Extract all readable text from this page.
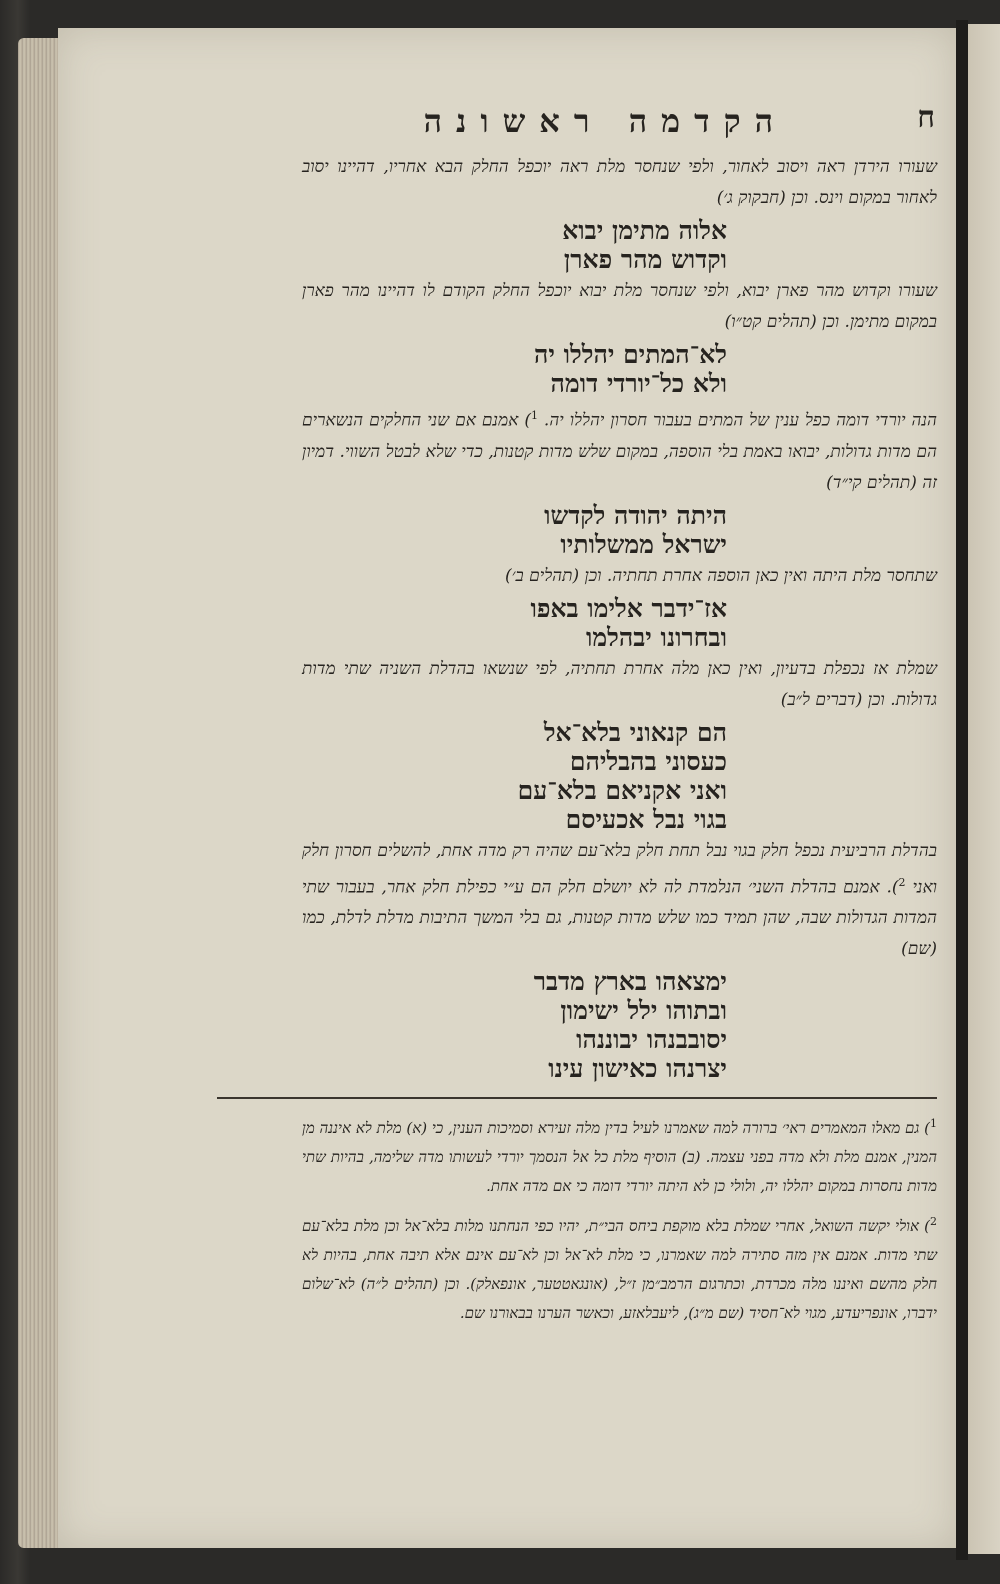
ח
הקדמה ראשונה

שעורו הירדן ראה ויסוב לאחור, ולפי שנחסר מלת ראה יוכפל החלק הבא אחריו, דהיינו יסוב לאחור במקום וינס. וכן (חבקוק ג׳)

אלוה מתימן יבוא
וקדוש מהר פארן

שעורו וקדוש מהר פארן יבוא, ולפי שנחסר מלת יבוא יוכפל החלק הקודם לו דהיינו מהר פארן במקום מתימן. וכן (תהלים קט״ו)

לא־המתים יהללו יה
ולא כל־יורדי דומה

הנה יורדי דומה כפל ענין של המתים בעבור חסרון יהללו יה. $^1$) אמנם אם שני החלקים הנשארים הם מדות גדולות, יבואו באמת בלי הוספה, במקום שלש מדות קטנות, כדי שלא לבטל השווי. דמיון זה (תהלים קי״ד)

היתה יהודה לקדשו
ישראל ממשלותיו

שתחסר מלת היתה ואין כאן הוספה אחרת תחתיה. וכן (תהלים ב׳)

אז־ידבר אלימו באפו
ובחרונו יבהלמו

שמלת אז נכפלת בדעיון, ואין כאן מלה אחרת תחתיה, לפי שנשאו בהדלת השניה שתי מדות גדולות. וכן (דברים ל״ב)

הם קנאוני בלא־אל
כעסוני בהבליהם
ואני אקניאם בלא־עם
בגוי נבל אכעיסם

בהדלת הרביעית נכפל חלק בגוי נבל תחת חלק בלא־עם שהיה רק מדה אחת, להשלים חסרון חלק ואני $^2$). אמנם בהדלת השני׳ הנלמדת לה לא יושלם חלק הם ע״י כפילת חלק אחר, בעבור שתי המדות הגדולות שבה, שהן תמיד כמו שלש מדות קטנות, גם בלי המשך התיבות מדלת לדלת, כמו (שם)

ימצאהו בארץ מדבר
ובתוהו ילל ישימון
יסובבנהו יבוננהו
יצרנהו כאישון עינו

$^1$) גם מאלו המאמרים ראי׳ ברורה למה שאמרנו לעיל בדין מלה זעירא וסמיכות הענין, כי (א) מלת לא איננה מן המנין, אמנם מלת ולא מדה בפני עצמה. (ב) הוסיף מלת כל אל הנסמך יורדי לעשותו מדה שלימה, בהיות שתי מדות נחסרות במקום יהללו יה, ולולי כן לא היתה יורדי דומה כי אם מדה אחת.

$^2$) אולי יקשה השואל, אחרי שמלת בלא מוקפת ביחס הבי״ת, יהיו כפי הנחתנו מלות בלא־אל וכן מלת בלא־עם שתי מדות. אמנם אין מזה סתירה למה שאמרנו, כי מלת לא־אל וכן לא־עם אינם אלא תיבה אחת, בהיות לא חלק מהשם ואיננו מלה מכרדת, וכתרגום הרמב״מן ז״ל, (אונגאטטער, אונפאלק). וכן (תהלים ל״ה) לא־שלום ידברו, אונפריעדע, מגוי לא־חסיד (שם מ״ג), ליעבלאזע, וכאשר הערנו בבאורנו שם.
